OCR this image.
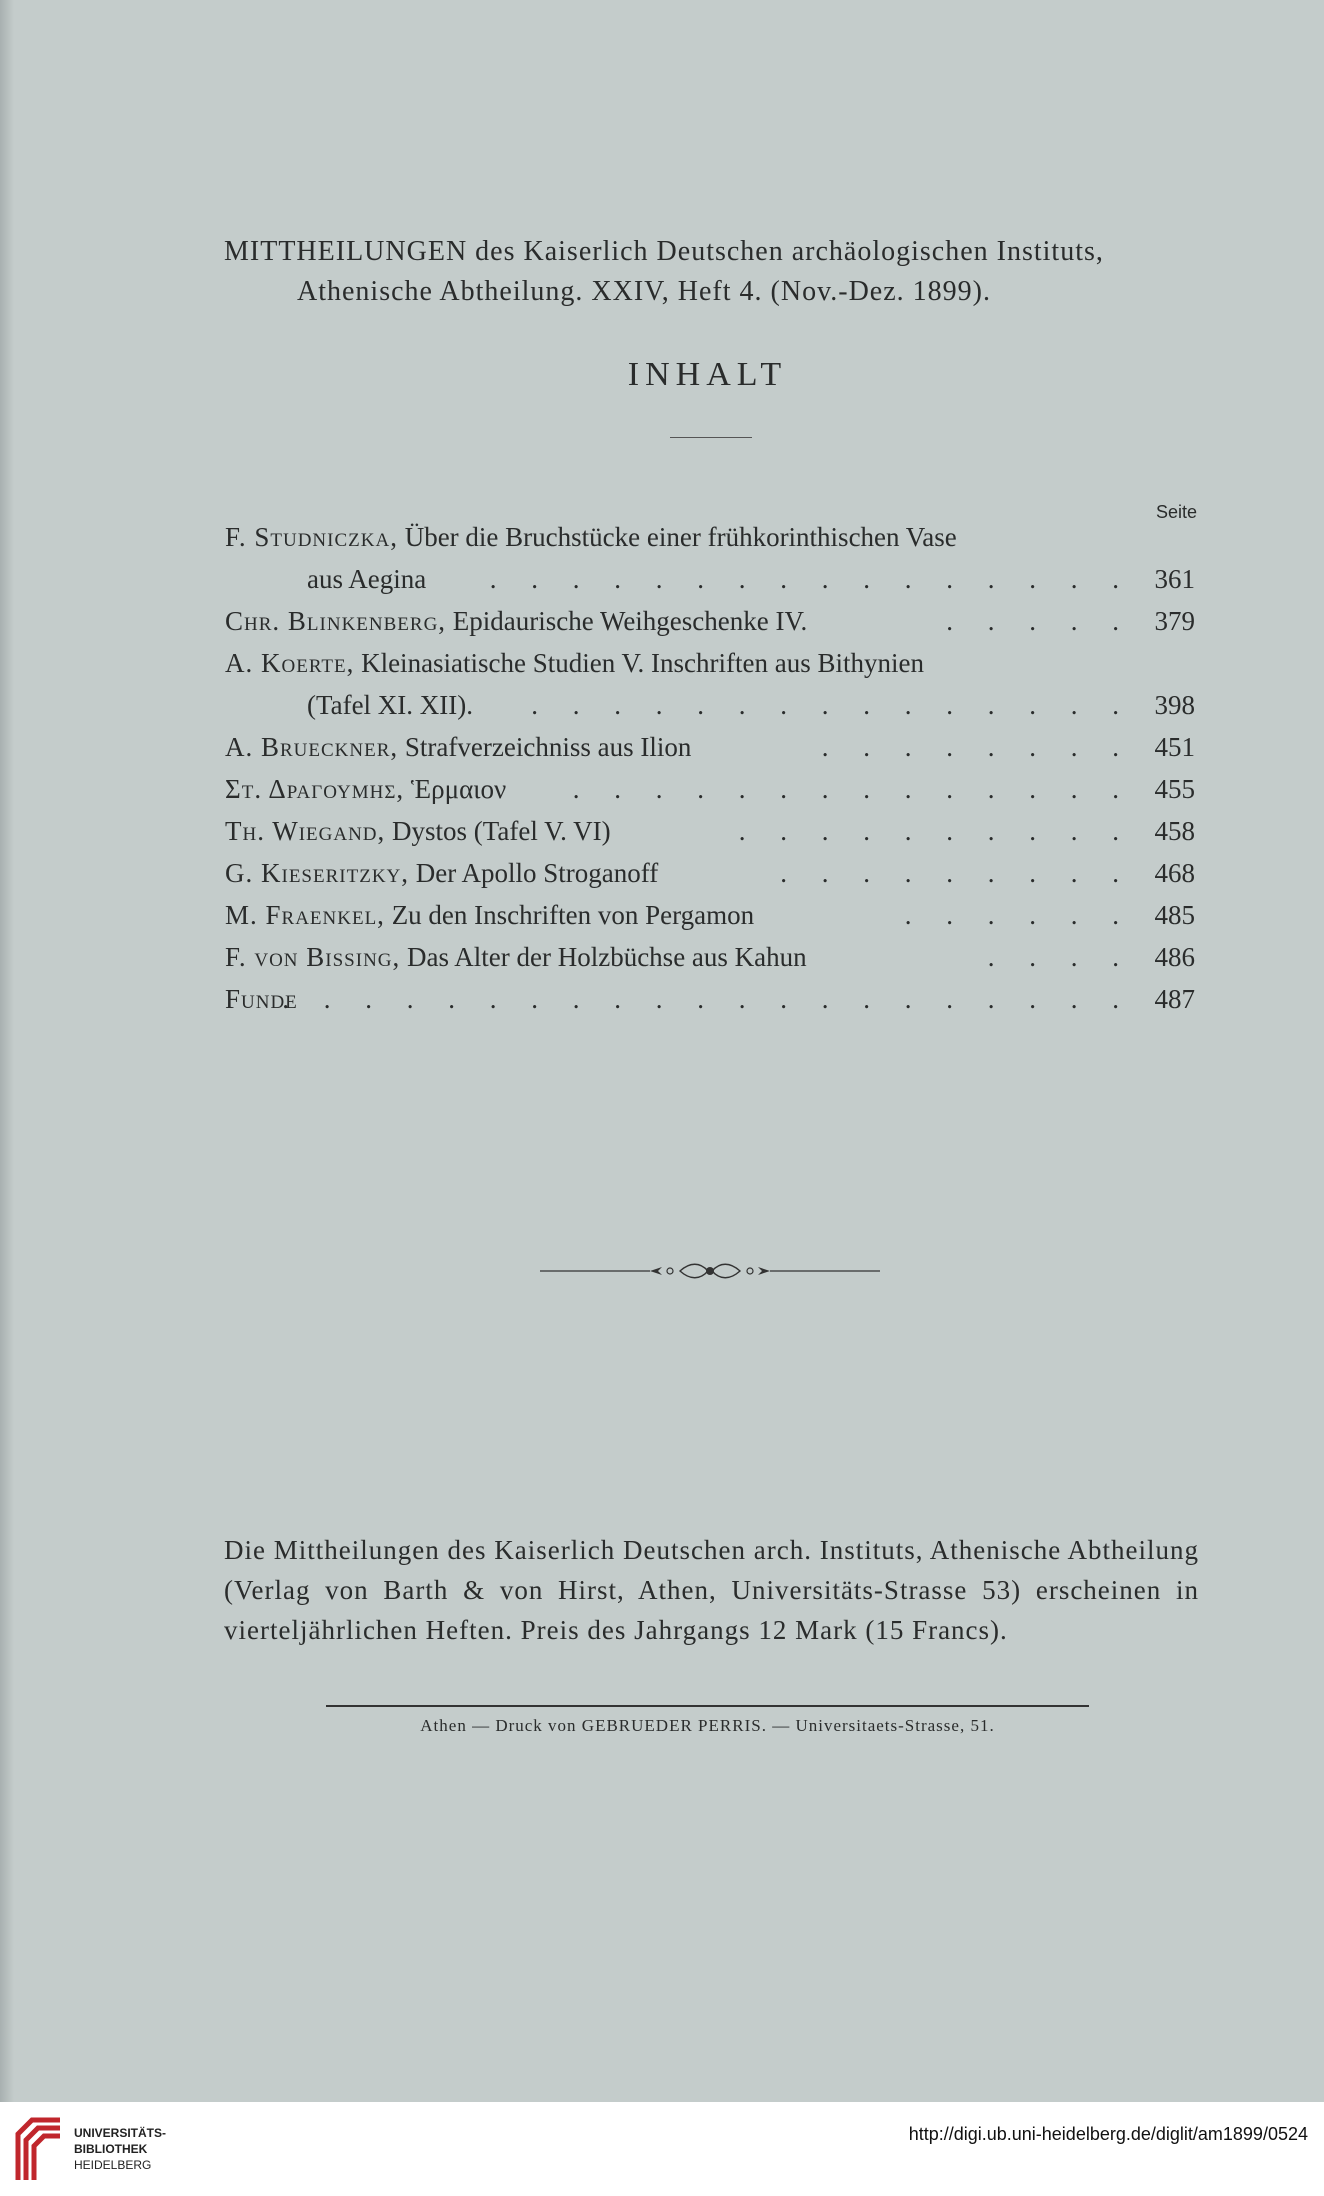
MITTHEILUNGEN des Kaiserlich Deutschen archäologischen Instituts,
Athenische Abtheilung. XXIV, Heft 4. (Nov.-Dez. 1899).
INHALT
Seite
F. Studniczka, Über die Bruchstücke einer frühkorinthischen Vase
aus Aegina . . . . . . . . . . . . . . . . 361
Chr. Blinkenberg, Epidaurische Weihgeschenke IV.	. . . . . 379
A. Koerte, Kleinasiatische Studien V. Inschriften aus Bithynien
(Tafel XI. XII). . . . . . . . . . . . . . . . 398
A. Brueckner, Strafverzeichniss aus Ilion	. . . . . . . . 451
Στ. Δραγουμης, Ἑρμαιον . . . . . . . . . . . . . . 455
Th. Wiegand, Dystos (Tafel V. VI)	. . . . . . . . . . 458
G. Kieseritzky, Der Apollo Stroganoff	. . . . . . . . . 468
M. Fraenkel, Zu den Inschriften von Pergamon	. . . . . . 485
F. von Bissing, Das Alter der Holzbüchse aus Kahun	. . . . 486
Funde
. . . . . . . . . . . . . . . . . . . . . 487
Die Mittheilungen des Kaiserlich Deutschen arch. Instituts, Athenische Abtheilung (Verlag von Barth & von Hirst, Athen, Universitäts-Strasse 53) erscheinen in vierteljährlichen Heften. Preis des Jahrgangs 12 Mark (15 Francs).
Athen — Druck von GEBRUEDER PERRIS. — Universitaets-Strasse, 51.
UNIVERSITÄTS-
BIBLIOTHEK
HEIDELBERG
http://digi.ub.uni-heidelberg.de/diglit/am1899/0524
